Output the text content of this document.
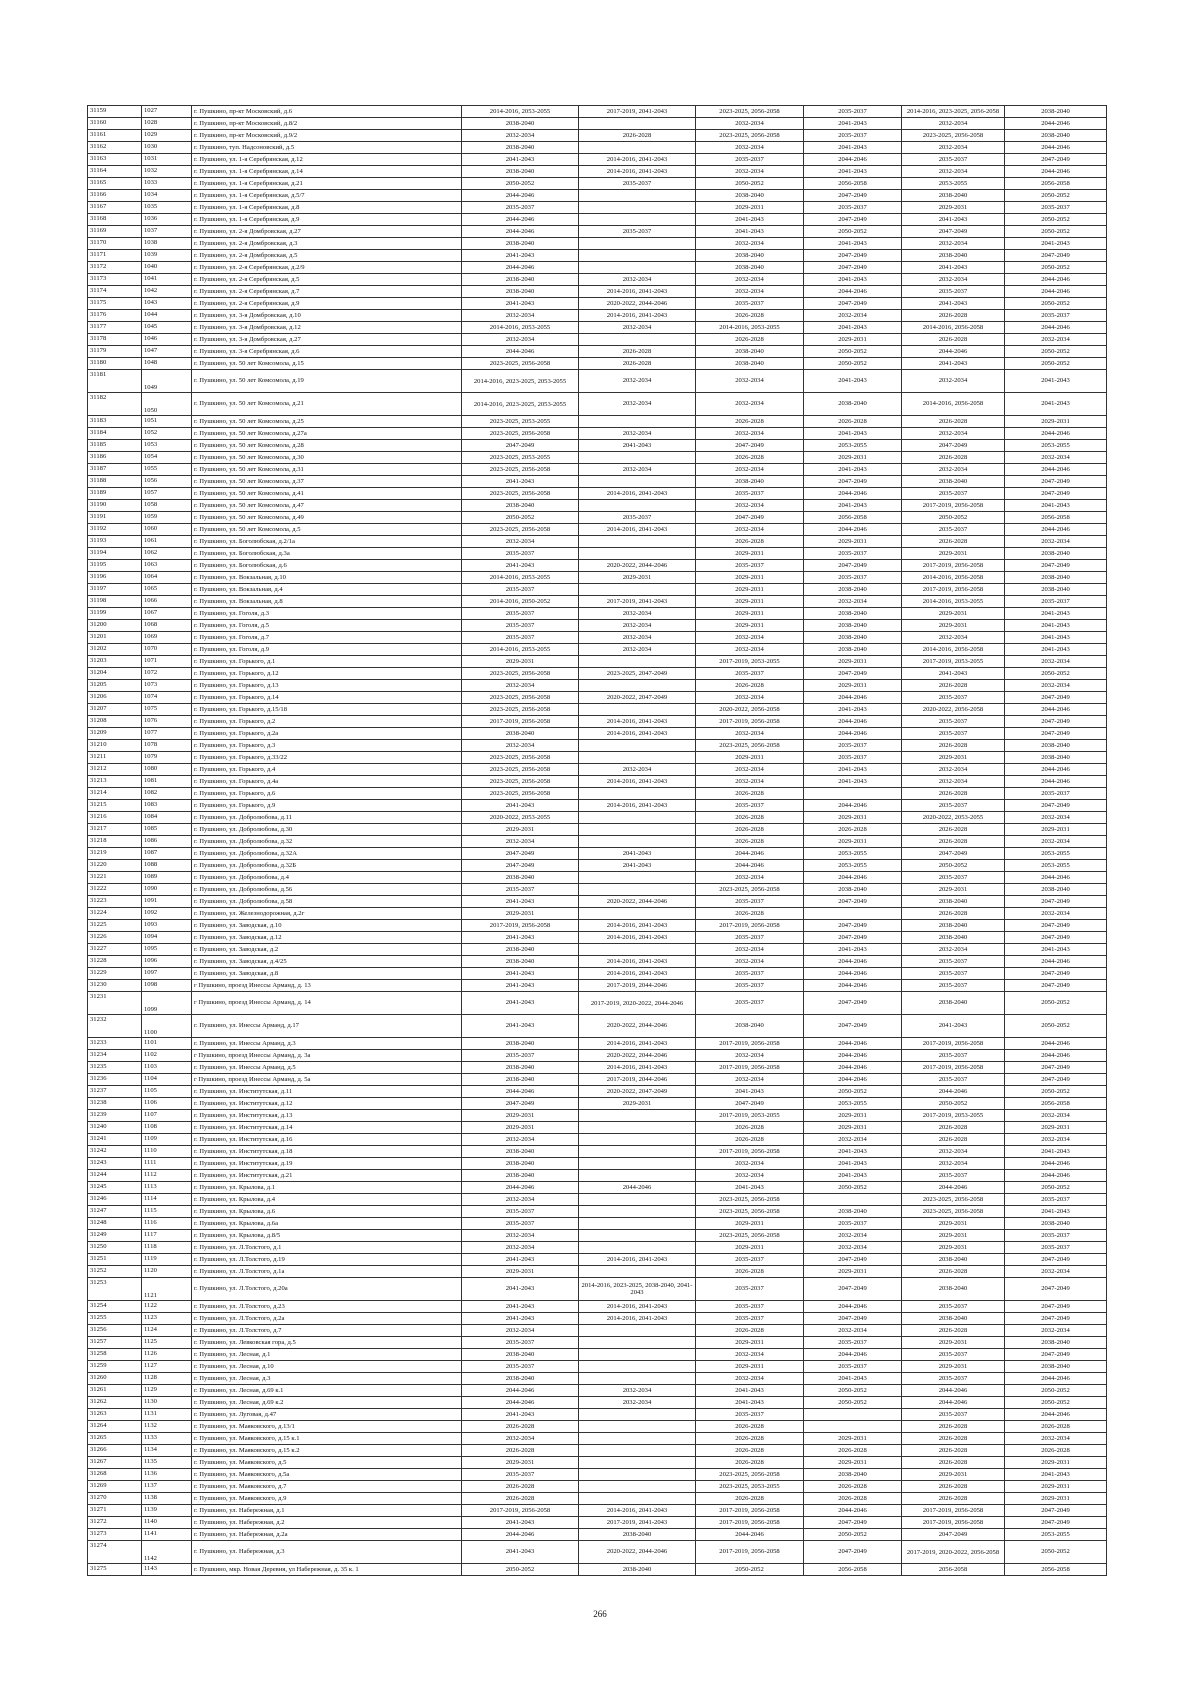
31159	1027	г. Пушкино, пр-кт Московский, д.6	2014-2016, 2053-2055	2017-2019, 2041-2043	2023-2025, 2056-2058	2035-2037	2014-2016, 2023-2025, 2056-2058	2038-2040
31160	1028	г. Пушкино, пр-кт Московский, д.8/2	2038-2040		2032-2034	2041-2043	2032-2034	2044-2046
31161	1029	г. Пушкино, пр-кт Московский, д.9/2	2032-2034	2026-2028	2023-2025, 2056-2058	2035-2037	2023-2025, 2056-2058	2038-2040
31162	1030	г. Пушкино, туп. Надсоновский, д.5	2038-2040		2032-2034	2041-2043	2032-2034	2044-2046
31163	1031	г. Пушкино, ул. 1-я Серебрянская, д.12	2041-2043	2014-2016, 2041-2043	2035-2037	2044-2046	2035-2037	2047-2049
31164	1032	г. Пушкино, ул. 1-я Серебрянская, д.14	2038-2040	2014-2016, 2041-2043	2032-2034	2041-2043	2032-2034	2044-2046
31165	1033	г. Пушкино, ул. 1-я Серебрянская, д.21	2050-2052	2035-2037	2050-2052	2056-2058	2053-2055	2056-2058
31166	1034	г. Пушкино, ул. 1-я Серебрянская, д.5/7	2044-2046		2038-2040	2047-2049	2038-2040	2050-2052
31167	1035	г. Пушкино, ул. 1-я Серебрянская, д.8	2035-2037		2029-2031	2035-2037	2029-2031	2035-2037
31168	1036	г. Пушкино, ул. 1-я Серебрянская, д.9	2044-2046		2041-2043	2047-2049	2041-2043	2050-2052
31169	1037	г. Пушкино, ул. 2-я Домбровская, д.27	2044-2046	2035-2037	2041-2043	2050-2052	2047-2049	2050-2052
31170	1038	г. Пушкино, ул. 2-я Домбровская, д.3	2038-2040		2032-2034	2041-2043	2032-2034	2041-2043
31171	1039	г. Пушкино, ул. 2-я Домбровская, д.5	2041-2043		2038-2040	2047-2049	2038-2040	2047-2049
31172	1040	г. Пушкино, ул. 2-я Серебрянская, д.2/9	2044-2046		2038-2040	2047-2049	2041-2043	2050-2052
31173	1041	г. Пушкино, ул. 2-я Серебрянская, д.5	2038-2040	2032-2034	2032-2034	2041-2043	2032-2034	2044-2046
31174	1042	г. Пушкино, ул. 2-я Серебрянская, д.7	2038-2040	2014-2016, 2041-2043	2032-2034	2044-2046	2035-2037	2044-2046
31175	1043	г. Пушкино, ул. 2-я Серебрянская, д.9	2041-2043	2020-2022, 2044-2046	2035-2037	2047-2049	2041-2043	2050-2052
31176	1044	г. Пушкино, ул. 3-я Домбровская, д.10	2032-2034	2014-2016, 2041-2043	2026-2028	2032-2034	2026-2028	2035-2037
31177	1045	г. Пушкино, ул. 3-я Домбровская, д.12	2014-2016, 2053-2055	2032-2034	2014-2016, 2053-2055	2041-2043	2014-2016, 2056-2058	2044-2046
31178	1046	г. Пушкино, ул. 3-я Домбровская, д.27	2032-2034		2026-2028	2029-2031	2026-2028	2032-2034
31179	1047	г. Пушкино, ул. 3-я Серебрянская, д.6	2044-2046	2026-2028	2038-2040	2050-2052	2044-2046	2050-2052
31180	1048	г. Пушкино, ул. 50 лет Комсомола, д.15	2023-2025, 2056-2058	2026-2028	2038-2040	2050-2052	2041-2043	2050-2052
31181	1049	г. Пушкино, ул. 50 лет Комсомола, д.19	2014-2016, 2023-2025, 2053-2055	2032-2034	2032-2034	2041-2043	2032-2034	2041-2043
31182	1050	г. Пушкино, ул. 50 лет Комсомола, д.21	2014-2016, 2023-2025, 2053-2055	2032-2034	2032-2034	2038-2040	2014-2016, 2056-2058	2041-2043
31183	1051	г. Пушкино, ул. 50 лет Комсомола, д.25	2023-2025, 2053-2055		2026-2028	2026-2028	2026-2028	2029-2031
31184	1052	г. Пушкино, ул. 50 лет Комсомола, д.27а	2023-2025, 2056-2058	2032-2034	2032-2034	2041-2043	2032-2034	2044-2046
31185	1053	г. Пушкино, ул. 50 лет Комсомола, д.28	2047-2049	2041-2043	2047-2049	2053-2055	2047-2049	2053-2055
31186	1054	г. Пушкино, ул. 50 лет Комсомола, д.30	2023-2025, 2053-2055		2026-2028	2029-2031	2026-2028	2032-2034
31187	1055	г. Пушкино, ул. 50 лет Комсомола, д.31	2023-2025, 2056-2058	2032-2034	2032-2034	2041-2043	2032-2034	2044-2046
31188	1056	г. Пушкино, ул. 50 лет Комсомола, д.37	2041-2043		2038-2040	2047-2049	2038-2040	2047-2049
31189	1057	г. Пушкино, ул. 50 лет Комсомола, д.41	2023-2025, 2056-2058	2014-2016, 2041-2043	2035-2037	2044-2046	2035-2037	2047-2049
31190	1058	г. Пушкино, ул. 50 лет Комсомола, д.47	2038-2040		2032-2034	2041-2043	2017-2019, 2056-2058	2041-2043
31191	1059	г. Пушкино, ул. 50 лет Комсомола, д.49	2050-2052	2035-2037	2047-2049	2056-2058	2050-2052	2056-2058
31192	1060	г. Пушкино, ул. 50 лет Комсомола, д.5	2023-2025, 2056-2058	2014-2016, 2041-2043	2032-2034	2044-2046	2035-2037	2044-2046
31193	1061	г. Пушкино, ул. Боголюбская, д.2/1а	2032-2034		2026-2028	2029-2031	2026-2028	2032-2034
31194	1062	г. Пушкино, ул. Боголюбская, д.3а	2035-2037		2029-2031	2035-2037	2029-2031	2038-2040
31195	1063	г. Пушкино, ул. Боголюбская, д.6	2041-2043	2020-2022, 2044-2046	2035-2037	2047-2049	2017-2019, 2056-2058	2047-2049
31196	1064	г. Пушкино, ул. Вокзальная, д.10	2014-2016, 2053-2055	2029-2031	2029-2031	2035-2037	2014-2016, 2056-2058	2038-2040
31197	1065	г. Пушкино, ул. Вокзальная, д.4	2035-2037		2029-2031	2038-2040	2017-2019, 2056-2058	2038-2040
31198	1066	г. Пушкино, ул. Вокзальная, д.8	2014-2016, 2050-2052	2017-2019, 2041-2043	2029-2031	2032-2034	2014-2016, 2053-2055	2035-2037
31199	1067	г. Пушкино, ул. Гоголя, д.3	2035-2037	2032-2034	2029-2031	2038-2040	2029-2031	2041-2043
31200	1068	г. Пушкино, ул. Гоголя, д.5	2035-2037	2032-2034	2029-2031	2038-2040	2029-2031	2041-2043
31201	1069	г. Пушкино, ул. Гоголя, д.7	2035-2037	2032-2034	2032-2034	2038-2040	2032-2034	2041-2043
31202	1070	г. Пушкино, ул. Гоголя, д.9	2014-2016, 2053-2055	2032-2034	2032-2034	2038-2040	2014-2016, 2056-2058	2041-2043
31203	1071	г. Пушкино, ул. Горького, д.1	2029-2031		2017-2019, 2053-2055	2029-2031	2017-2019, 2053-2055	2032-2034
31204	1072	г. Пушкино, ул. Горького, д.12	2023-2025, 2056-2058	2023-2025, 2047-2049	2035-2037	2047-2049	2041-2043	2050-2052
31205	1073	г. Пушкино, ул. Горького, д.13	2032-2034		2026-2028	2029-2031	2026-2028	2032-2034
31206	1074	г. Пушкино, ул. Горького, д.14	2023-2025, 2056-2058	2020-2022, 2047-2049	2032-2034	2044-2046	2035-2037	2047-2049
31207	1075	г. Пушкино, ул. Горького, д.15/18	2023-2025, 2056-2058		2020-2022, 2056-2058	2041-2043	2020-2022, 2056-2058	2044-2046
31208	1076	г. Пушкино, ул. Горького, д.2	2017-2019, 2056-2058	2014-2016, 2041-2043	2017-2019, 2056-2058	2044-2046	2035-2037	2047-2049
31209	1077	г. Пушкино, ул. Горького, д.2а	2038-2040	2014-2016, 2041-2043	2032-2034	2044-2046	2035-2037	2047-2049
31210	1078	г. Пушкино, ул. Горького, д.3	2032-2034		2023-2025, 2056-2058	2035-2037	2026-2028	2038-2040
31211	1079	г. Пушкино, ул. Горького, д.33/22	2023-2025, 2056-2058		2029-2031	2035-2037	2029-2031	2038-2040
31212	1080	г. Пушкино, ул. Горького, д.4	2023-2025, 2056-2058	2032-2034	2032-2034	2041-2043	2032-2034	2044-2046
31213	1081	г. Пушкино, ул. Горького, д.4а	2023-2025, 2056-2058	2014-2016, 2041-2043	2032-2034	2041-2043	2032-2034	2044-2046
31214	1082	г. Пушкино, ул. Горького, д.6	2023-2025, 2056-2058		2026-2028		2026-2028	2035-2037
31215	1083	г. Пушкино, ул. Горького, д.9	2041-2043	2014-2016, 2041-2043	2035-2037	2044-2046	2035-2037	2047-2049
31216	1084	г. Пушкино, ул. Добролюбова, д.11	2020-2022, 2053-2055		2026-2028	2029-2031	2020-2022, 2053-2055	2032-2034
31217	1085	г. Пушкино, ул. Добролюбова, д.30	2029-2031		2026-2028	2026-2028	2026-2028	2029-2031
31218	1086	г. Пушкино, ул. Добролюбова, д.32	2032-2034		2026-2028	2029-2031	2026-2028	2032-2034
31219	1087	г. Пушкино, ул. Добролюбова, д.32А	2047-2049	2041-2043	2044-2046	2053-2055	2047-2049	2053-2055
31220	1088	г. Пушкино, ул. Добролюбова, д.32Б	2047-2049	2041-2043	2044-2046	2053-2055	2050-2052	2053-2055
31221	1089	г. Пушкино, ул. Добролюбова, д.4	2038-2040		2032-2034	2044-2046	2035-2037	2044-2046
31222	1090	г. Пушкино, ул. Добролюбова, д.56	2035-2037		2023-2025, 2056-2058	2038-2040	2029-2031	2038-2040
31223	1091	г. Пушкино, ул. Добролюбова, д.58	2041-2043	2020-2022, 2044-2046	2035-2037	2047-2049	2038-2040	2047-2049
31224	1092	г. Пушкино, ул. Железнодорожная, д.2г	2029-2031		2026-2028		2026-2028	2032-2034
31225	1093	г. Пушкино, ул. Заводская, д.10	2017-2019, 2056-2058	2014-2016, 2041-2043	2017-2019, 2056-2058	2047-2049	2038-2040	2047-2049
31226	1094	г. Пушкино, ул. Заводская, д.12	2041-2043	2014-2016, 2041-2043	2035-2037	2047-2049	2038-2040	2047-2049
31227	1095	г. Пушкино, ул. Заводская, д.2	2038-2040		2032-2034	2041-2043	2032-2034	2041-2043
31228	1096	г. Пушкино, ул. Заводская, д.4/25	2038-2040	2014-2016, 2041-2043	2032-2034	2044-2046	2035-2037	2044-2046
31229	1097	г. Пушкино, ул. Заводская, д.8	2041-2043	2014-2016, 2041-2043	2035-2037	2044-2046	2035-2037	2047-2049
31230	1098	г Пушкино, проезд Инессы Арманд, д. 13	2041-2043	2017-2019, 2044-2046	2035-2037	2044-2046	2035-2037	2047-2049
31231	1099	г Пушкино, проезд Инессы Арманд, д. 14	2041-2043	2017-2019, 2020-2022, 2044-2046	2035-2037	2047-2049	2038-2040	2050-2052
31232	1100	г. Пушкино, ул. Инессы Арманд, д.17	2041-2043	2020-2022, 2044-2046	2038-2040	2047-2049	2041-2043	2050-2052
31233	1101	г. Пушкино, ул. Инессы Арманд, д.3	2038-2040	2014-2016, 2041-2043	2017-2019, 2056-2058	2044-2046	2017-2019, 2056-2058	2044-2046
31234	1102	г Пушкино, проезд Инессы Арманд, д. 3а	2035-2037	2020-2022, 2044-2046	2032-2034	2044-2046	2035-2037	2044-2046
31235	1103	г. Пушкино, ул. Инессы Арманд, д.5	2038-2040	2014-2016, 2041-2043	2017-2019, 2056-2058	2044-2046	2017-2019, 2056-2058	2047-2049
31236	1104	г Пушкино, проезд Инессы Арманд, д. 5а	2038-2040	2017-2019, 2044-2046	2032-2034	2044-2046	2035-2037	2047-2049
31237	1105	г. Пушкино, ул. Институтская, д.11	2044-2046	2020-2022, 2047-2049	2041-2043	2050-2052	2044-2046	2050-2052
31238	1106	г. Пушкино, ул. Институтская, д.12	2047-2049	2029-2031	2047-2049	2053-2055	2050-2052	2056-2058
31239	1107	г. Пушкино, ул. Институтская, д.13	2029-2031		2017-2019, 2053-2055	2029-2031	2017-2019, 2053-2055	2032-2034
31240	1108	г. Пушкино, ул. Институтская, д.14	2029-2031		2026-2028	2029-2031	2026-2028	2029-2031
31241	1109	г. Пушкино, ул. Институтская, д.16	2032-2034		2026-2028	2032-2034	2026-2028	2032-2034
31242	1110	г. Пушкино, ул. Институтская, д.18	2038-2040		2017-2019, 2056-2058	2041-2043	2032-2034	2041-2043
31243	1111	г. Пушкино, ул. Институтская, д.19	2038-2040		2032-2034	2041-2043	2032-2034	2044-2046
31244	1112	г. Пушкино, ул. Институтская, д.21	2038-2040		2032-2034	2041-2043	2035-2037	2044-2046
31245	1113	г. Пушкино, ул. Крылова, д.1	2044-2046	2044-2046	2041-2043	2050-2052	2044-2046	2050-2052
31246	1114	г. Пушкино, ул. Крылова, д.4	2032-2034		2023-2025, 2056-2058		2023-2025, 2056-2058	2035-2037
31247	1115	г. Пушкино, ул. Крылова, д.6	2035-2037		2023-2025, 2056-2058	2038-2040	2023-2025, 2056-2058	2041-2043
31248	1116	г. Пушкино, ул. Крылова, д.6а	2035-2037		2029-2031	2035-2037	2029-2031	2038-2040
31249	1117	г. Пушкино, ул. Крылова, д.8/5	2032-2034		2023-2025, 2056-2058	2032-2034	2029-2031	2035-2037
31250	1118	г. Пушкино, ул. Л.Толстого, д.1	2032-2034		2029-2031	2032-2034	2029-2031	2035-2037
31251	1119	г. Пушкино, ул. Л.Толстого, д.19	2041-2043	2014-2016, 2041-2043	2035-2037	2047-2049	2038-2040	2047-2049
31252	1120	г. Пушкино, ул. Л.Толстого, д.1а	2029-2031		2026-2028	2029-2031	2026-2028	2032-2034
31253	1121	г. Пушкино, ул. Л.Толстого, д.20а	2041-2043	2014-2016, 2023-2025, 2038-2040, 2041-2043	2035-2037	2047-2049	2038-2040	2047-2049
31254	1122	г. Пушкино, ул. Л.Толстого, д.23	2041-2043	2014-2016, 2041-2043	2035-2037	2044-2046	2035-2037	2047-2049
31255	1123	г. Пушкино, ул. Л.Толстого, д.2а	2041-2043	2014-2016, 2041-2043	2035-2037	2047-2049	2038-2040	2047-2049
31256	1124	г. Пушкино, ул. Л.Толстого, д.7	2032-2034		2026-2028	2032-2034	2026-2028	2032-2034
31257	1125	г. Пушкино, ул. Левковская гора, д.5	2035-2037		2029-2031	2035-2037	2029-2031	2038-2040
31258	1126	г. Пушкино, ул. Лесная, д.1	2038-2040		2032-2034	2044-2046	2035-2037	2047-2049
31259	1127	г. Пушкино, ул. Лесная, д.10	2035-2037		2029-2031	2035-2037	2029-2031	2038-2040
31260	1128	г. Пушкино, ул. Лесная, д.3	2038-2040		2032-2034	2041-2043	2035-2037	2044-2046
31261	1129	г. Пушкино, ул. Лесная, д.69 к.1	2044-2046	2032-2034	2041-2043	2050-2052	2044-2046	2050-2052
31262	1130	г. Пушкино, ул. Лесная, д.69 к.2	2044-2046	2032-2034	2041-2043	2050-2052	2044-2046	2050-2052
31263	1131	г. Пушкино, ул. Луговая, д.47	2041-2043		2035-2037		2035-2037	2044-2046
31264	1132	г. Пушкино, ул. Маяковского, д.13/1	2026-2028		2026-2028		2026-2028	2026-2028
31265	1133	г. Пушкино, ул. Маяковского, д.15 к.1	2032-2034		2026-2028	2029-2031	2026-2028	2032-2034
31266	1134	г. Пушкино, ул. Маяковского, д.15 к.2	2026-2028		2026-2028	2026-2028	2026-2028	2026-2028
31267	1135	г. Пушкино, ул. Маяковского, д.5	2029-2031		2026-2028	2029-2031	2026-2028	2029-2031
31268	1136	г. Пушкино, ул. Маяковского, д.5а	2035-2037		2023-2025, 2056-2058	2038-2040	2029-2031	2041-2043
31269	1137	г. Пушкино, ул. Маяковского, д.7	2026-2028		2023-2025, 2053-2055	2026-2028	2026-2028	2029-2031
31270	1138	г. Пушкино, ул. Маяковского, д.9	2026-2028		2026-2028	2026-2028	2026-2028	2029-2031
31271	1139	г. Пушкино, ул. Набережная, д.1	2017-2019, 2056-2058	2014-2016, 2041-2043	2017-2019, 2056-2058	2044-2046	2017-2019, 2056-2058	2047-2049
31272	1140	г. Пушкино, ул. Набережная, д.2	2041-2043	2017-2019, 2041-2043	2017-2019, 2056-2058	2047-2049	2017-2019, 2056-2058	2047-2049
31273	1141	г. Пушкино, ул. Набережная, д.2а	2044-2046	2038-2040	2044-2046	2050-2052	2047-2049	2053-2055
31274	1142	г. Пушкино, ул. Набережная, д.3	2041-2043	2020-2022, 2044-2046	2017-2019, 2056-2058	2047-2049	2017-2019, 2020-2022, 2056-2058	2050-2052
31275	1143	г. Пушкино, мкр. Новая Деревня, ул Набережная, д. 35 к. 1	2050-2052	2038-2040	2050-2052	2056-2058	2056-2058	2056-2058
266
